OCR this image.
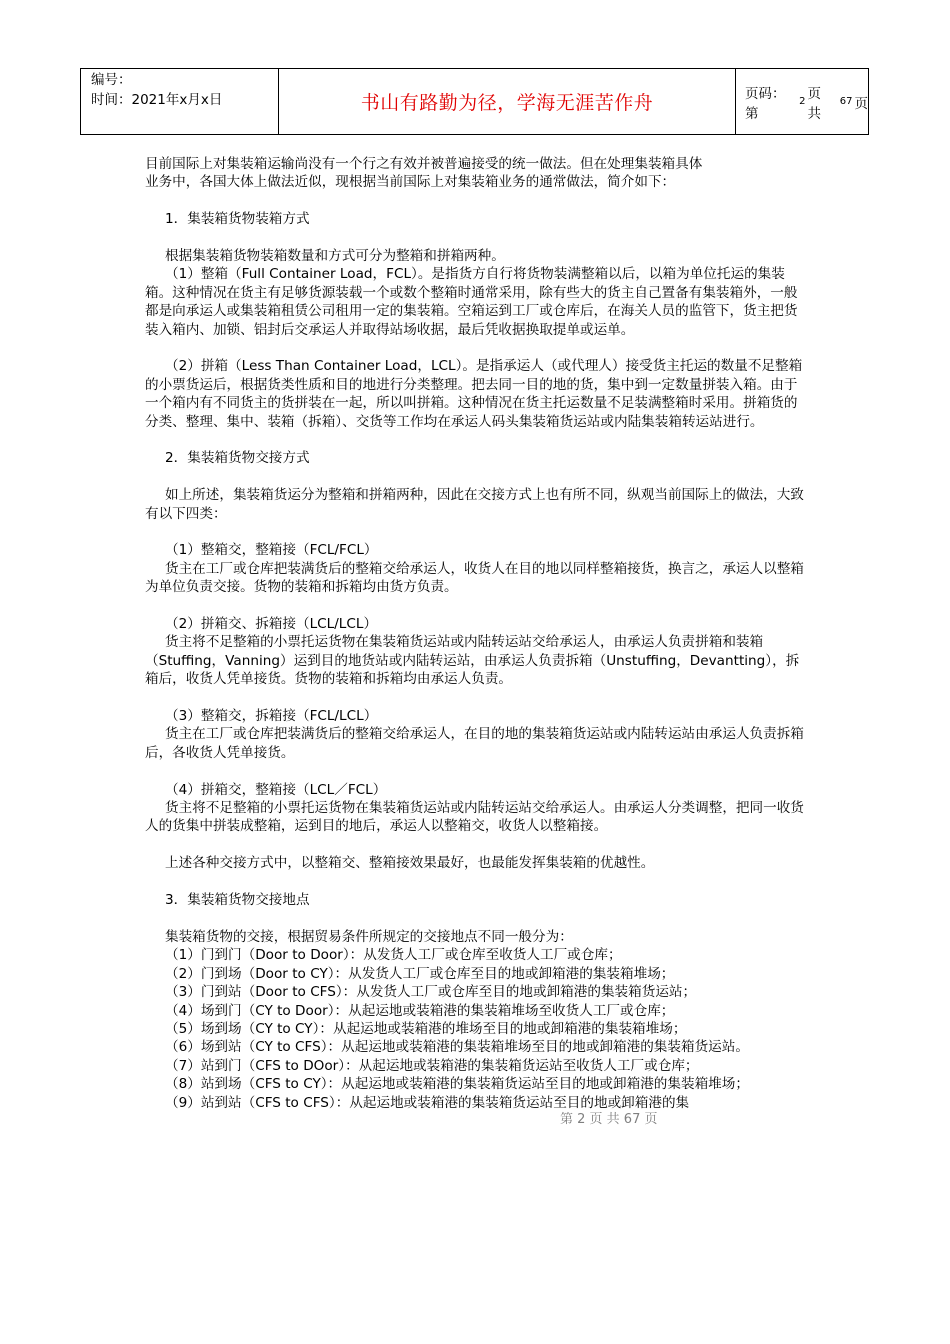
编号：
时间：2021年x月x日	书山有路勤为径，学海无涯苦作舟	页码：第
2 页 共
67 页

目前国际上对集装箱运输尚没有一个行之有效并被普遍接受的统一做法。但在处理集装箱具体

业务中，各国大体上做法近似，现根据当前国际上对集装箱业务的通常做法，简介如下：

1．集装箱货物装箱方式

根据集装箱货物装箱数量和方式可分为整箱和拼箱两种。

（1）整箱（Full Container Load，FCL）。是指货方自行将货物装满整箱以后，以箱为单位托运的集装箱。这种情况在货主有足够货源装载一个或数个整箱时通常采用，除有些大的货主自己置备有集装箱外，一般都是向承运人或集装箱租赁公司租用一定的集装箱。空箱运到工厂或仓库后，在海关人员的监管下，货主把货装入箱内、加锁、铝封后交承运人并取得站场收据，最后凭收据换取提单或运单。

（2）拼箱（Less Than Container Load，LCL）。是指承运人（或代理人）接受货主托运的数量不足整箱的小票货运后，根据货类性质和目的地进行分类整理。把去同一目的地的货，集中到一定数量拼装入箱。由于一个箱内有不同货主的货拼装在一起，所以叫拼箱。这种情况在货主托运数量不足装满整箱时采用。拼箱货的分类、整理、集中、装箱（拆箱）、交货等工作均在承运人码头集装箱货运站或内陆集装箱转运站进行。

2．集装箱货物交接方式

如上所述，集装箱货运分为整箱和拼箱两种，因此在交接方式上也有所不同，纵观当前国际上的做法，大致有以下四类：

（1）整箱交，整箱接（FCL/FCL）

货主在工厂或仓库把装满货后的整箱交给承运人，收货人在目的地以同样整箱接货，换言之，承运人以整箱为单位负责交接。货物的装箱和拆箱均由货方负责。

（2）拼箱交、拆箱接（LCL/LCL）

货主将不足整箱的小票托运货物在集装箱货运站或内陆转运站交给承运人，由承运人负责拼箱和装箱（Stuffing，Vanning）运到目的地货站或内陆转运站，由承运人负责拆箱（Unstuffing，Devantting），拆箱后，收货人凭单接货。货物的装箱和拆箱均由承运人负责。

（3）整箱交，拆箱接（FCL/LCL）

货主在工厂或仓库把装满货后的整箱交给承运人，在目的地的集装箱货运站或内陆转运站由承运人负责拆箱后，各收货人凭单接货。

（4）拼箱交，整箱接（LCL／FCL）

货主将不足整箱的小票托运货物在集装箱货运站或内陆转运站交给承运人。由承运人分类调整，把同一收货人的货集中拼装成整箱，运到目的地后，承运人以整箱交，收货人以整箱接。

上述各种交接方式中，以整箱交、整箱接效果最好，也最能发挥集装箱的优越性。

3．集装箱货物交接地点

集装箱货物的交接，根据贸易条件所规定的交接地点不同一般分为：

（1）门到门（Door to Door）：从发货人工厂或仓库至收货人工厂或仓库；

（2）门到场（Door to CY）：从发货人工厂或仓库至目的地或卸箱港的集装箱堆场；

（3）门到站（Door to CFS）：从发货人工厂或仓库至目的地或卸箱港的集装箱货运站；

（4）场到门（CY to Door）：从起运地或装箱港的集装箱堆场至收货人工厂或仓库；

（5）场到场（CY to CY）：从起运地或装箱港的堆场至目的地或卸箱港的集装箱堆场；

（6）场到站（CY to CFS）：从起运地或装箱港的集装箱堆场至目的地或卸箱港的集装箱货运站。

（7）站到门（CFS to DOor）：从起运地或装箱港的集装箱货运站至收货人工厂或仓库；

（8）站到场（CFS to CY）：从起运地或装箱港的集装箱货运站至目的地或卸箱港的集装箱堆场；

（9）站到站（CFS to CFS）：从起运地或装箱港的集装箱货运站至目的地或卸箱港的集

第 2 页 共 67 页
